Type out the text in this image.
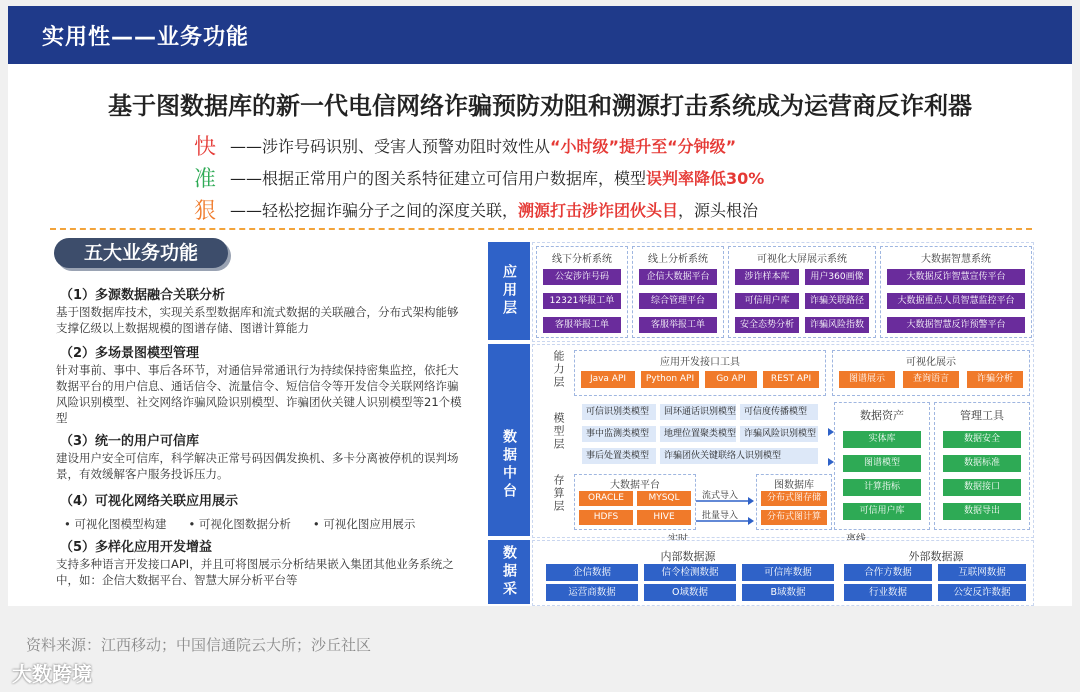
实用性——业务功能
基于图数据库的新一代电信网络诈骗预防劝阻和溯源打击系统成为运营商反诈利器
快 ——涉诈号码识别、受害人预警劝阻时效性从“小时级”提升至“分钟级”
准 ——根据正常用户的图关系特征建立可信用户数据库，模型误判率降低30%
狠 ——轻松挖掘诈骗分子之间的深度关联，溯源打击涉诈团伙头目，源头根治
五大业务功能
（1）多源数据融合关联分析
基于图数据库技术，实现关系型数据库和流式数据的关联融合，分布式架构能够支撑亿级以上数据规模的图谱存储、图谱计算能力
（2）多场景图模型管理
针对事前、事中、事后各环节，对通信异常通讯行为持续保持密集监控，依托大数据平台的用户信息、通话信令、流量信令、短信信令等开发信令关联网络诈骗风险识别模型、社交网络诈骗风险识别模型、诈骗团伙关键人识别模型等21个模型
（3）统一的用户可信库
建设用户安全可信库，科学解决正常号码因偶发换机、多卡分离被停机的误判场景，有效缓解客户服务投诉压力。
（4）可视化网络关联应用展示
• 可视化图模型构建 • 可视化图数据分析 • 可视化图应用展示
（5）多样化应用开发增益
支持多种语言开发接口API，并且可将图展示分析结果嵌入集团其他业务系统之中，如：企信大数据平台、智慧大屏分析平台等
应用层
线下分析系统
公安涉诈号码
12321举报工单
客服举报工单
线上分析系统
企信大数据平台
综合管理平台
客服举报工单
可视化大屏展示系统
涉诈样本库	用户360画像
可信用户库	诈骗关联路径
安全态势分析	诈骗风险指数
大数据智慧系统
大数据反诈智慧宣传平台
大数据重点人员智慧监控平台
大数据智慧反诈预警平台
数据中台
能力层
模型层
存算层
应用开发接口工具
Java API	Python API	Go API	REST API
可视化展示
图谱展示	查询语言	诈骗分析
可信识别类模型	回环通话识别模型 可信度传播模型
事中监测类模型	地理位置聚类模型 诈骗风险识别模型
事后处置类模型	诈骗团伙关键联络人识别模型
数据资产
实体库
图谱模型
计算指标
可信用户库
管理工具
数据安全
数据标准
数据接口
数据导出
大数据平台
ORACLE	MYSQL
HDFS	HIVE
流式导入
批量导入
图数据库
分布式图存储
分布式图计算
数据采集
内部数据源
企信数据	信令检测数据	可信库数据
运营商数据	O域数据	B域数据
外部数据源
合作方数据	互联网数据
行业数据	公安反诈数据
资料来源：江西移动；中国信通院云大所；沙丘社区
大数跨境
